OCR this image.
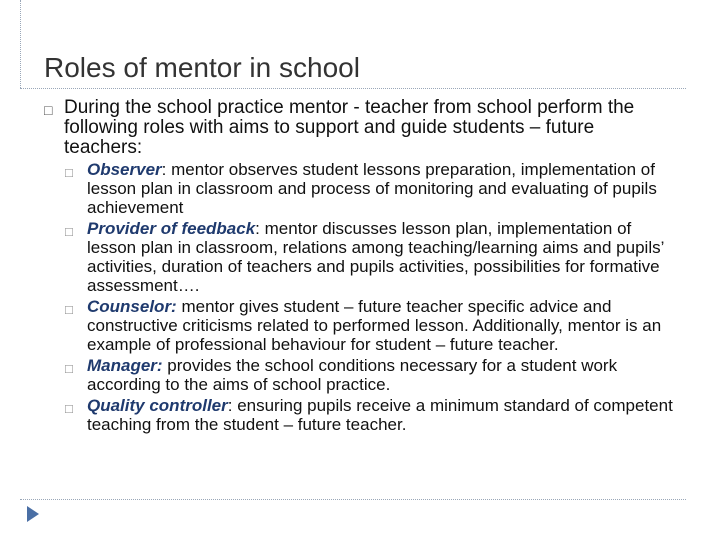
Roles of mentor in school

□ During the school practice mentor - teacher from school perform the following roles with aims to support and guide students – future teachers:

□ Observer: mentor observes student lessons preparation, implementation of lesson plan in classroom and process of monitoring and evaluating of pupils achievement
□ Provider of feedback: mentor discusses lesson plan, implementation of lesson plan in classroom, relations among teaching/learning aims and pupils’ activities, duration of teachers and pupils activities, possibilities for formative assessment….
□ Counselor: mentor gives student – future teacher specific advice and constructive criticisms related to performed lesson. Additionally, mentor is an example of professional behaviour for student – future teacher.
□ Manager: provides the school conditions necessary for a student work according to the aims of school practice.
□ Quality controller: ensuring pupils receive a minimum standard of competent teaching from the student – future teacher.
